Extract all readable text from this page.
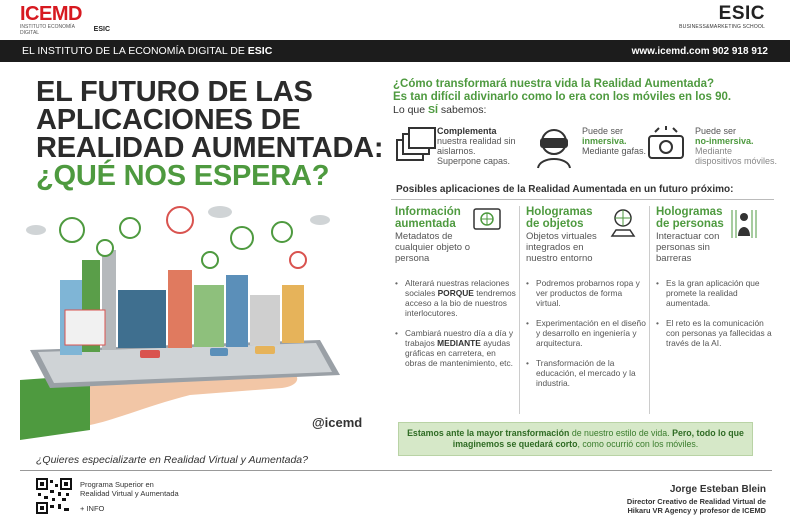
ICEMD
INSTITUTO ECONOMÍA DIGITAL	ESIC
ESIC
BUSINESS&MARKETING SCHOOL
EL INSTITUTO DE LA ECONOMÍA DIGITAL DE ESIC	www.icemd.com 902 918 912
EL FUTURO DE LAS
APLICACIONES DE
REALIDAD AUMENTADA:
¿QUÉ NOS ESPERA?
@icemd
¿Cómo transformará nuestra vida la Realidad Aumentada?
Es tan difícil adivinarlo como lo era con los móviles en los 90.
Lo que SÍ sabemos:
Complementa
nuestra realidad sin aislarnos. Superpone capas.
Puede ser
inmersiva.
Mediante gafas.
Puede ser
no-inmersiva.
Mediante dispositivos móviles.
Posibles aplicaciones de la Realidad Aumentada en un futuro próximo:
Información
aumentada
Metadatos de cualquier objeto o persona
• Alterará nuestras relaciones sociales PORQUE tendremos acceso a la bio de nuestros interlocutores.
• Cambiará nuestro día a día y trabajos MEDIANTE ayudas gráficas en carretera, en obras de mantenimiento, etc.
Hologramas
de objetos
Objetos virtuales integrados en nuestro entorno
• Podremos probarnos ropa y ver productos de forma virtual.
• Experimentación en el diseño y desarrollo en ingeniería y arquitectura.
• Transformación de la educación, el mercado y la industria.
Hologramas
de personas
Interactuar con personas sin barreras
• Es la gran aplicación que promete la realidad aumentada.
• El reto es la comunicación con personas ya fallecidas a través de la AI.
Estamos ante la mayor transformación de nuestro estilo de vida. Pero, todo lo que imaginemos se quedará corto, como ocurrió con los móviles.
¿Quieres especializarte en Realidad Virtual y Aumentada?
Programa Superior en
Realidad Virtual y Aumentada
+ INFO
Jorge Esteban Blein
Director Creativo de Realidad Virtual de
Hikaru VR Agency y profesor de ICEMD
